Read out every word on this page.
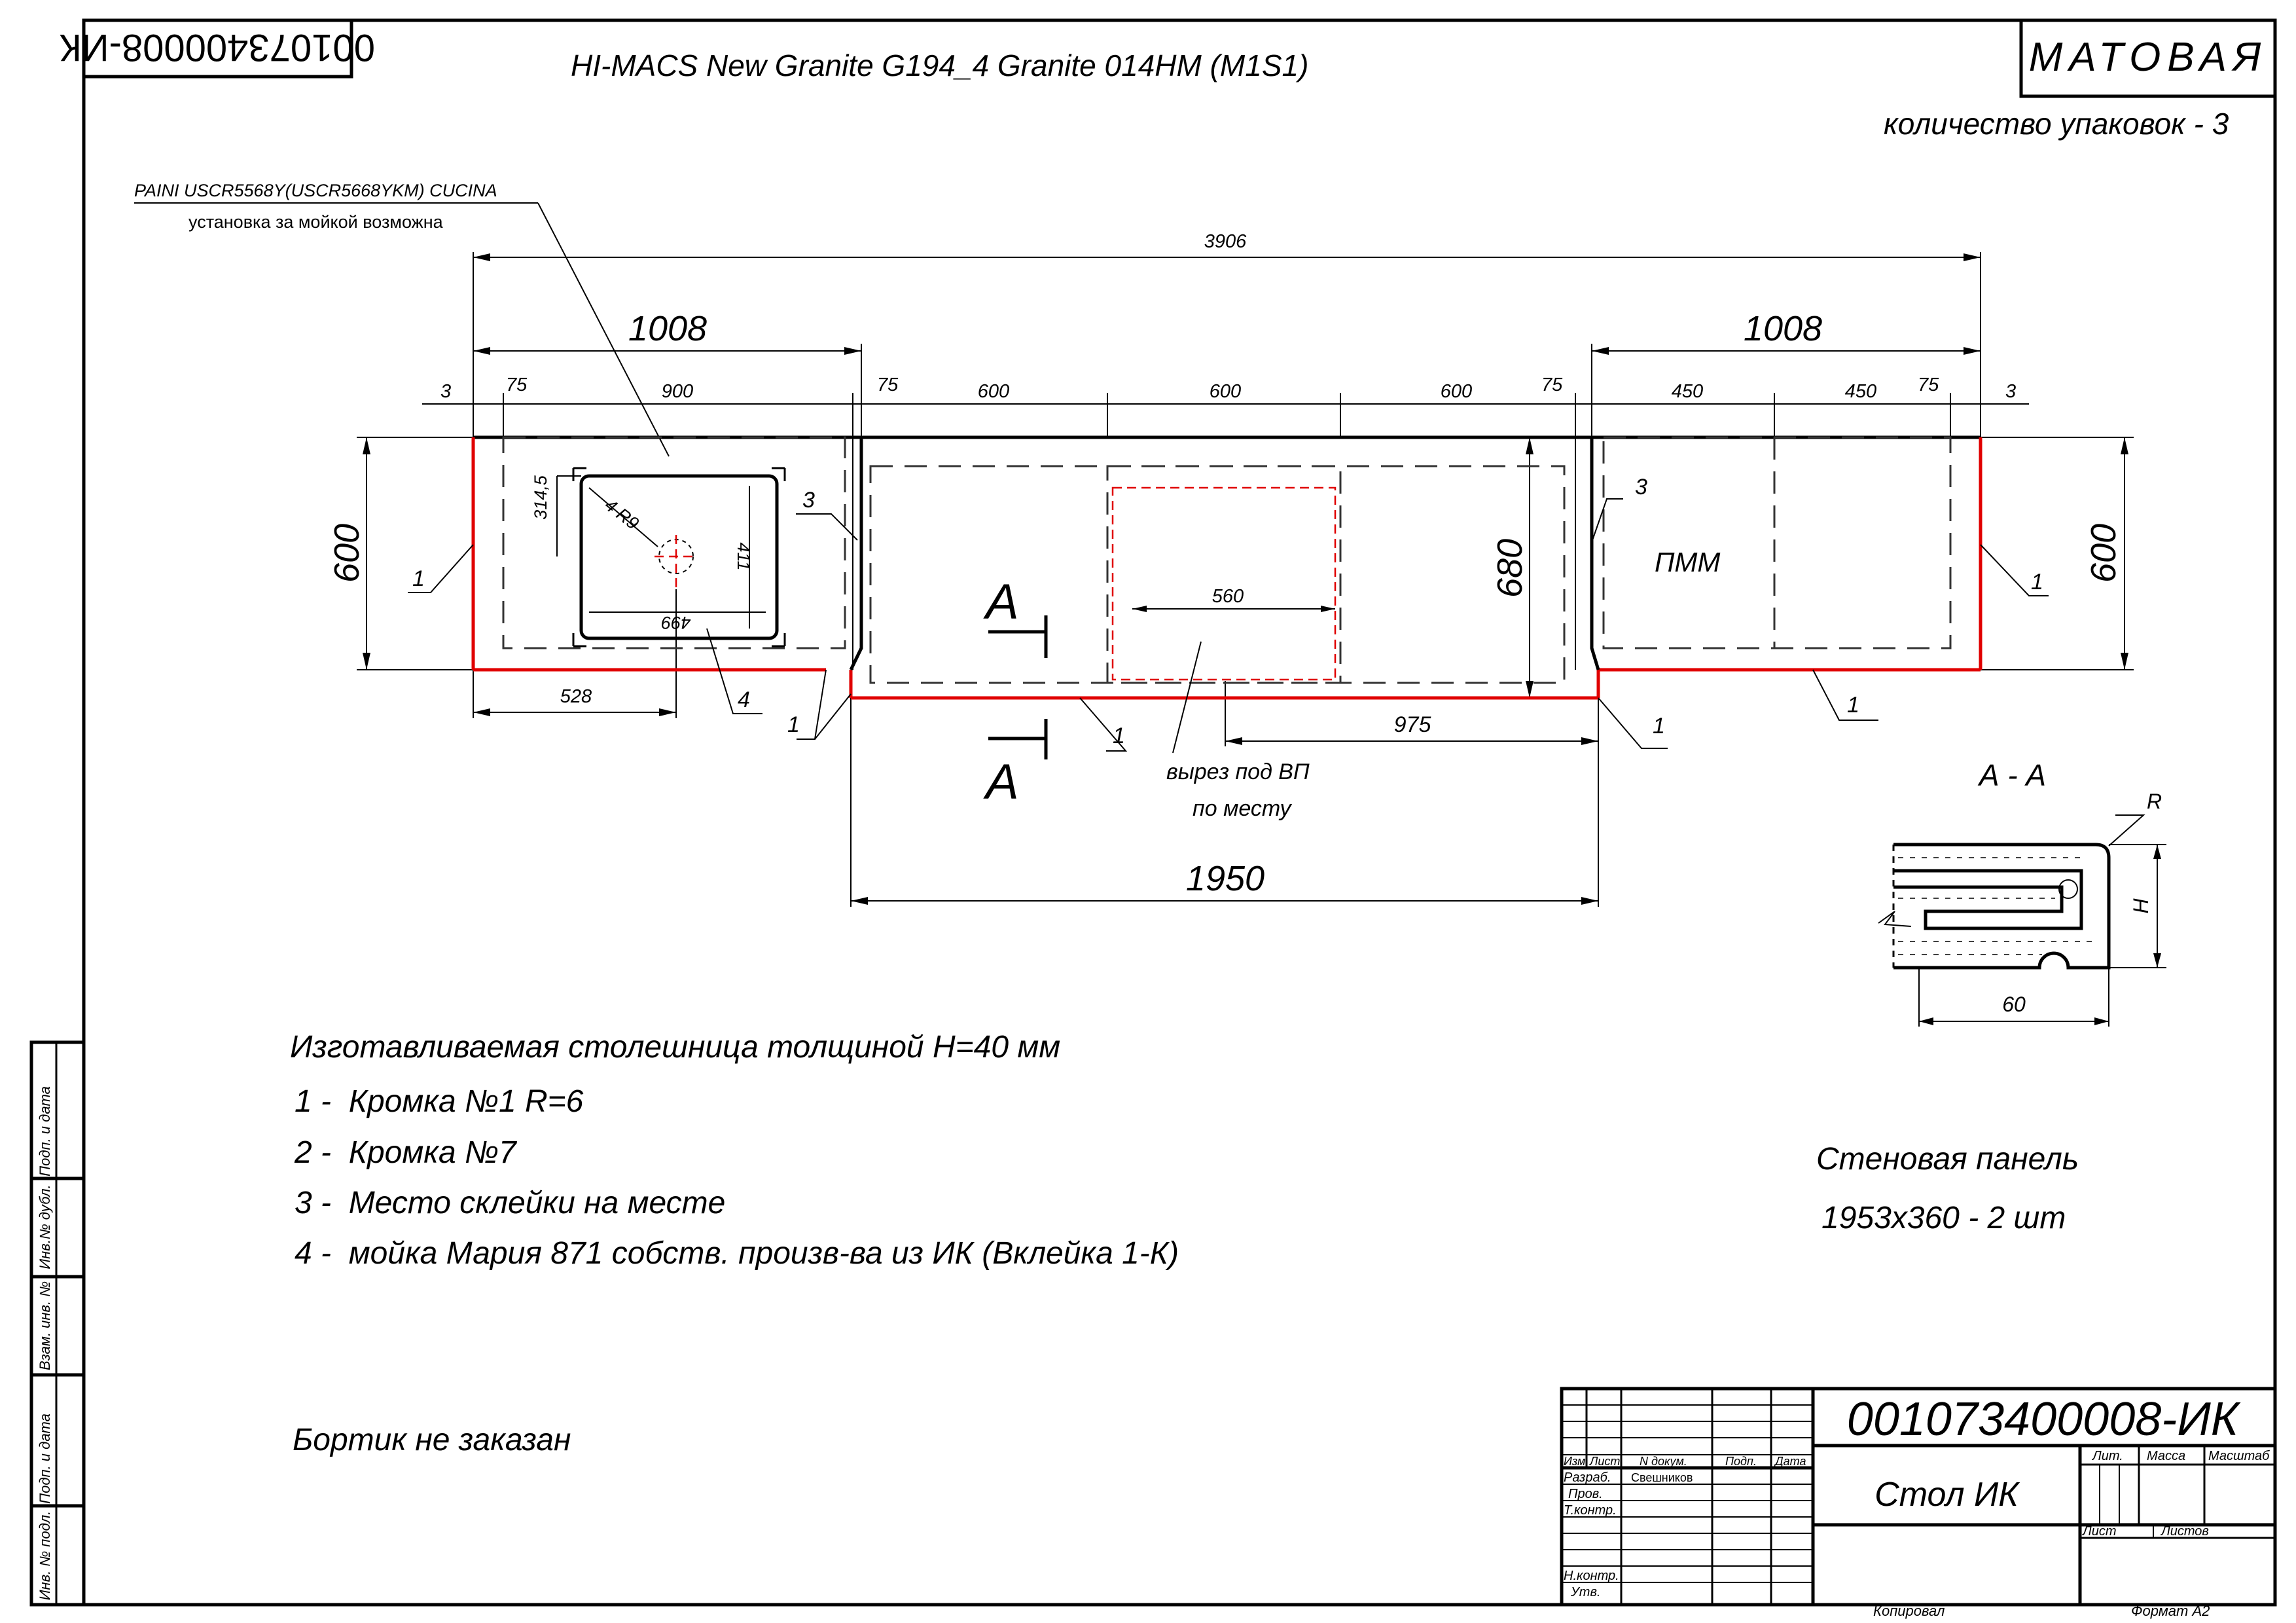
001073400008-ИК	МАТОВАЯ
HI-MACS New Granite G194_4 Granite 014HM (M1S1)
количество упаковок - 3
PAINI USCR5568Y(USCR5668YKM) CUCINA
установка за мойкой возможна
3906
1008	1008
3	75	900	75	600	600	600	75	450	450 75	3
600	600
680
528
975
1950
314,5	4 R9
411
499
560
вырез под ВП
по месту
ПММ
А
А
1
3
4
1	1	1
3
1
1
А - А
R
Н
60
Изготавливаемая столешница толщиной Н=40 мм
1 -  Кромка №1 R=6
2 -  Кромка №7
3 -  Место склейки на месте
4 -  мойка Мария 871 собств. произв-ва из ИК (Вклейка 1-К)
Бортик не заказан
Стеновая панель
1953x360 - 2 шт
Подп. и дата
Инв.№ дубл.
Взам. инв. №
Подп. и дата
Инв. № подл.
001073400008-ИК
Стол ИК
Изм. Лист N докум.	Подп. Дата
Разраб. Свешников
Пров.
Т.контр.
Н.контр.
Утв.
Лит. Масса Масштаб
Лист	Листов
Копировал	Формат А2
